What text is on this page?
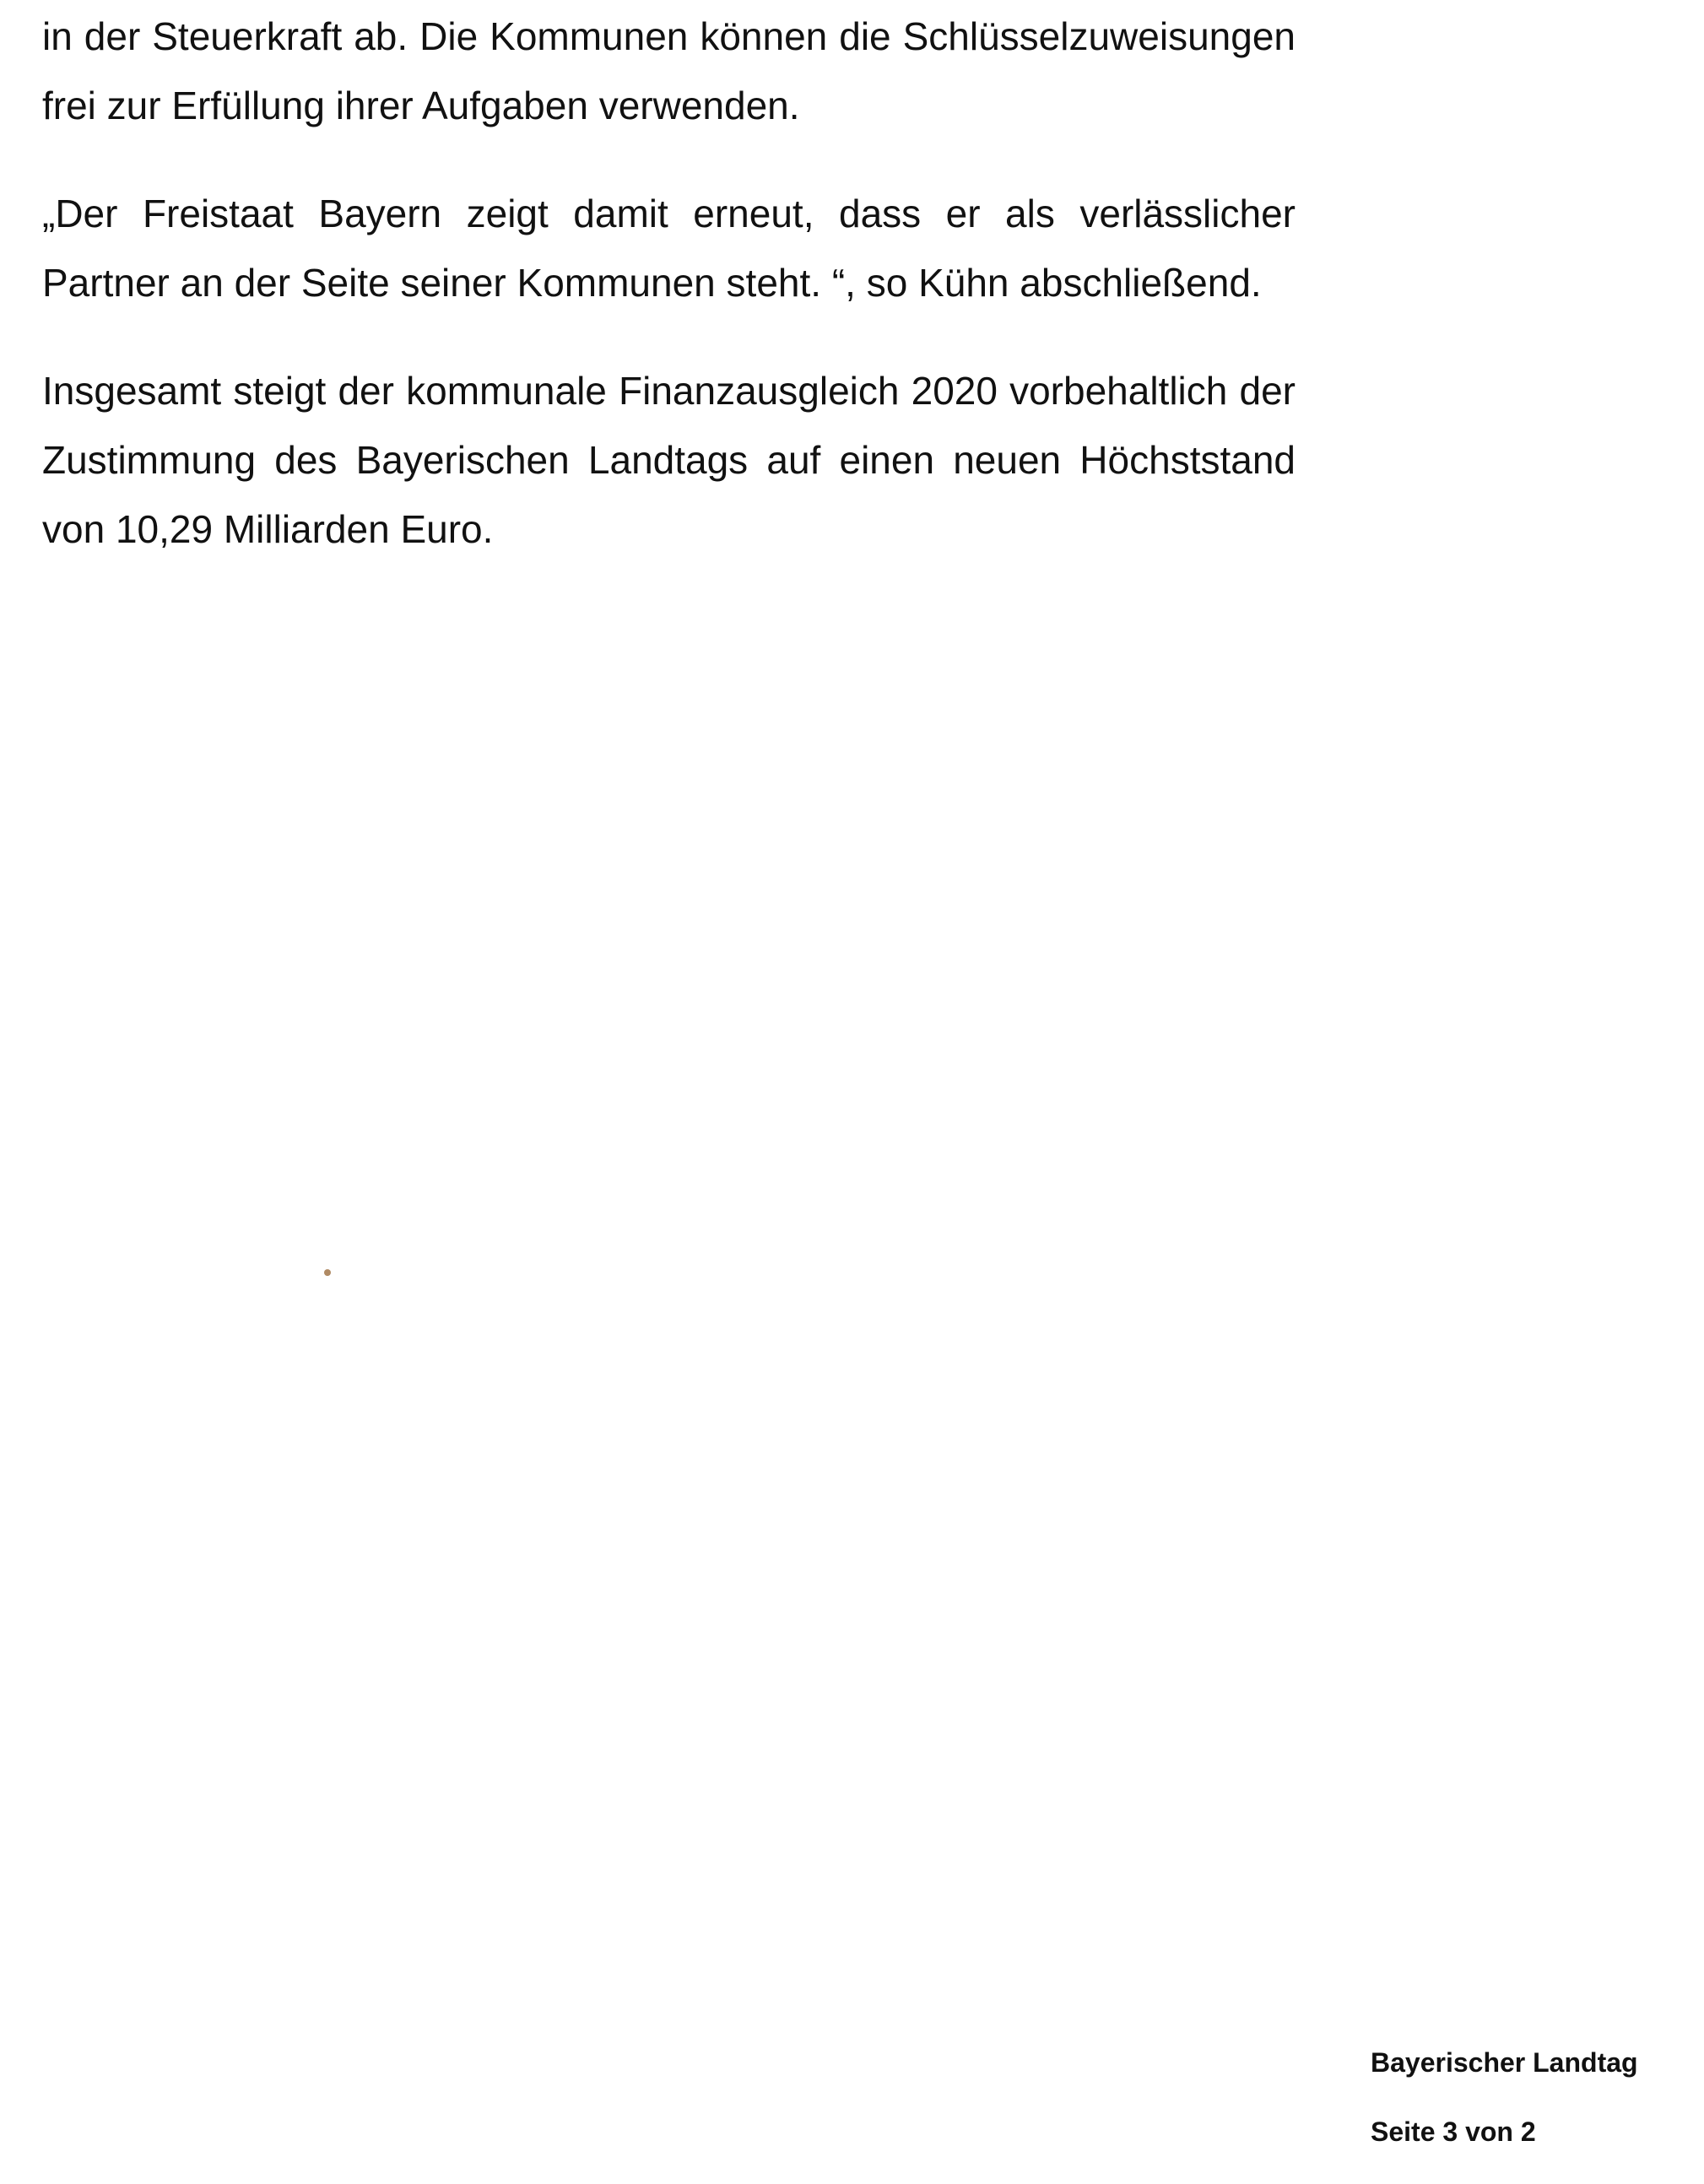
in der Steuerkraft ab. Die Kommunen können die Schlüsselzuweisungen frei zur Erfüllung ihrer Aufgaben verwenden.

„Der Freistaat Bayern zeigt damit erneut, dass er als verlässlicher Partner an der Seite seiner Kommunen steht. “, so Kühn abschließend.

Insgesamt steigt der kommunale Finanzausgleich 2020 vorbehaltlich der Zustimmung des Bayerischen Landtags auf einen neuen Höchststand von 10,29 Milliarden Euro.

Bayerischer Landtag
Seite 3 von 2
